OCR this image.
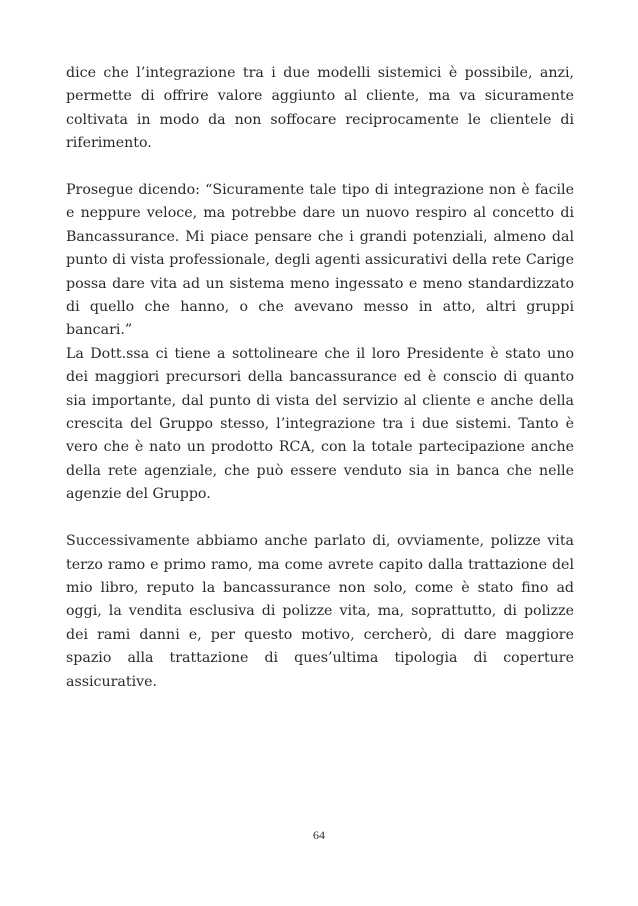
dice che l’integrazione tra i due modelli sistemici è possibile, anzi, permette di offrire valore aggiunto al cliente, ma va sicuramente coltivata in modo da non soffocare reciprocamente le clientele di riferimento.

Prosegue dicendo: “Sicuramente tale tipo di integrazione non è facile e neppure veloce, ma potrebbe dare un nuovo respiro al concetto di Bancassurance. Mi piace pensare che i grandi potenziali, almeno dal punto di vista professionale, degli agenti assicurativi della rete Carige possa dare vita ad un sistema meno ingessato e meno standardizzato di quello che hanno, o che avevano messo in atto, altri gruppi bancari.”

La Dott.ssa ci tiene a sottolineare che il loro Presidente è stato uno dei maggiori precursori della bancassurance ed è conscio di quanto sia importante, dal punto di vista del servizio al cliente e anche della crescita del Gruppo stesso, l’integrazione tra i due sistemi. Tanto è vero che è nato un prodotto RCA, con la totale partecipazione anche della rete agenziale, che può essere venduto sia in banca che nelle agenzie del Gruppo.

Successivamente abbiamo anche parlato di, ovviamente, polizze vita terzo ramo e primo ramo, ma come avrete capito dalla trattazione del mio libro, reputo la bancassurance non solo, come è stato fino ad oggi, la vendita esclusiva di polizze vita, ma, soprattutto, di polizze dei rami danni e, per questo motivo, cercherò, di dare maggiore spazio alla trattazione di ques’ultima tipologia di coperture assicurative.

64
